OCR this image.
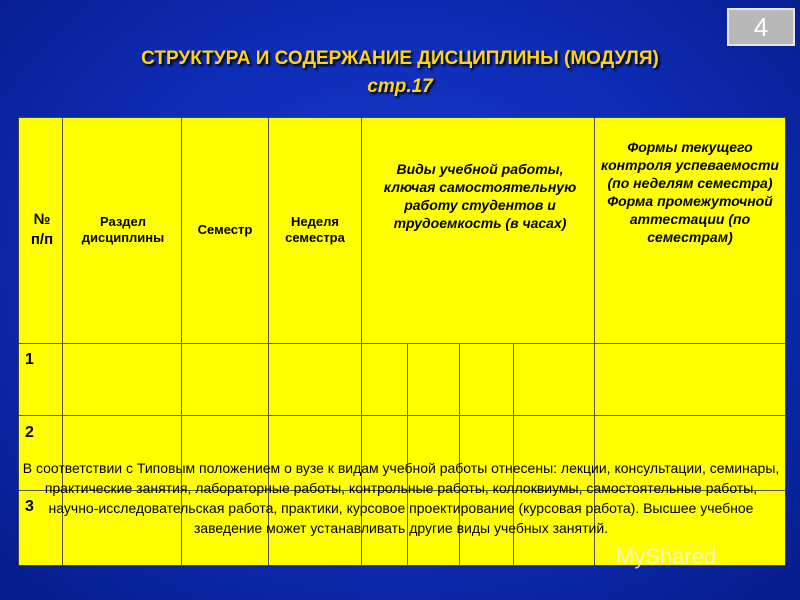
4
СТРУКТУРА И СОДЕРЖАНИЕ ДИСЦИПЛИНЫ (МОДУЛЯ)
стр.17
№ п/п
Раздел дисциплины
Семестр
Неделя семестра
Виды учебной работы, ключая самостоятельную работу студентов и трудоемкость (в часах)
Формы текущего контроля успеваемости (по неделям семестра) Форма промежуточной аттестации (по семестрам)
1
2
3
В соответствии с Типовым положением о вузе к видам учебной работы отнесены: лекции, консультации, семинары, практические занятия, лабораторные работы, контрольные работы, коллоквиумы, самостоятельные работы, научно-исследовательская работа, практики, курсовое проектирование (курсовая работа). Высшее учебное заведение может устанавливать другие виды учебных занятий.
MyShared
